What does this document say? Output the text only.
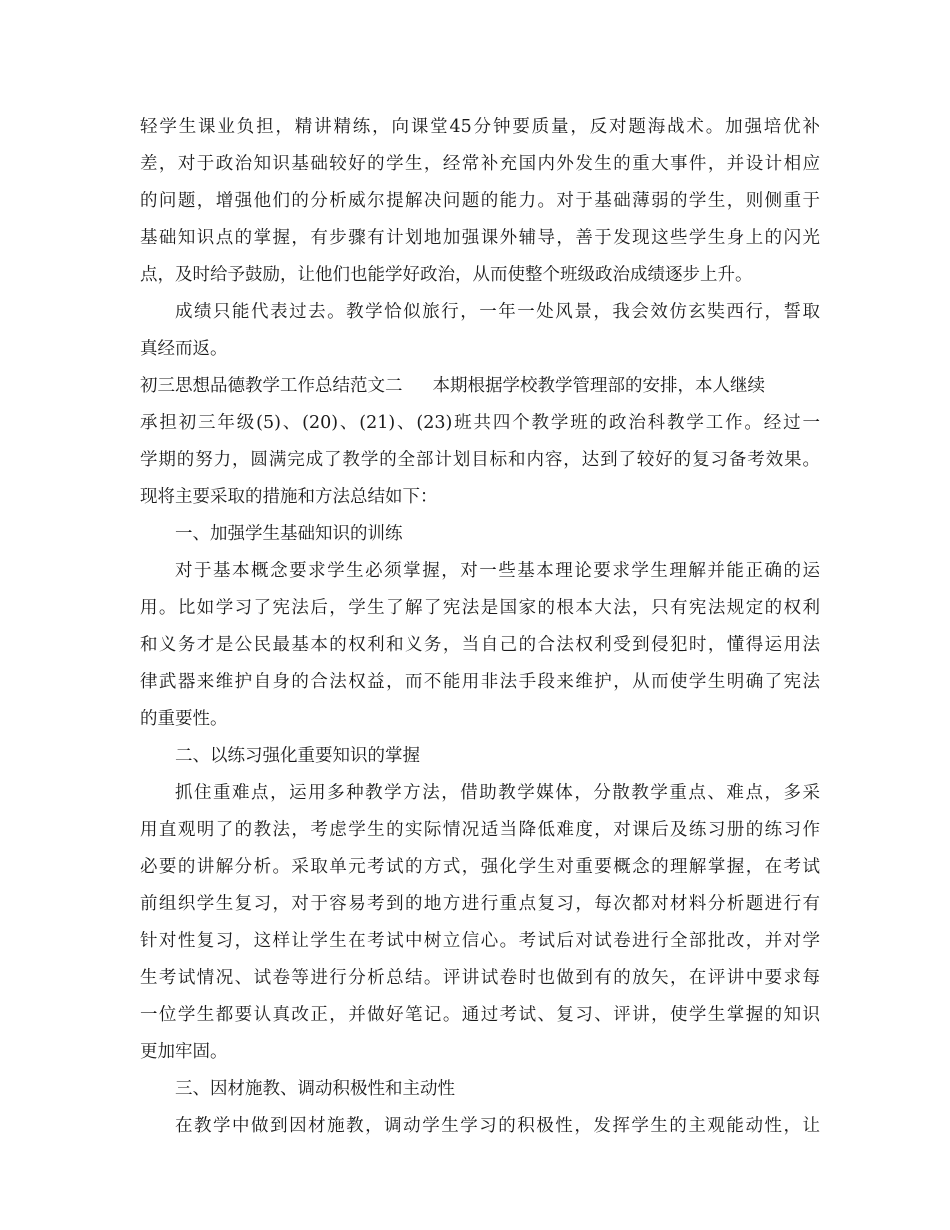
轻学生课业负担，精讲精练，向课堂45分钟要质量，反对题海战术。加强培优补
差，对于政治知识基础较好的学生，经常补充国内外发生的重大事件，并设计相应
的问题，增强他们的分析威尔提解决问题的能力。对于基础薄弱的学生，则侧重于
基础知识点的掌握，有步骤有计划地加强课外辅导，善于发现这些学生身上的闪光
点，及时给予鼓励，让他们也能学好政治，从而使整个班级政治成绩逐步上升。
成绩只能代表过去。教学恰似旅行，一年一处风景，我会效仿玄奘西行，誓取
真经而返。
初三思想品德教学工作总结范文二 本期根据学校教学管理部的安排，本人继续
承担初三年级(5)、(20)、(21)、(23)班共四个教学班的政治科教学工作。经过一
学期的努力，圆满完成了教学的全部计划目标和内容，达到了较好的复习备考效果。
现将主要采取的措施和方法总结如下：
一、加强学生基础知识的训练
对于基本概念要求学生必须掌握，对一些基本理论要求学生理解并能正确的运
用。比如学习了宪法后，学生了解了宪法是国家的根本大法，只有宪法规定的权利
和义务才是公民最基本的权利和义务，当自己的合法权利受到侵犯时，懂得运用法
律武器来维护自身的合法权益，而不能用非法手段来维护，从而使学生明确了宪法
的重要性。
二、以练习强化重要知识的掌握
抓住重难点，运用多种教学方法，借助教学媒体，分散教学重点、难点，多采
用直观明了的教法，考虑学生的实际情况适当降低难度，对课后及练习册的练习作
必要的讲解分析。采取单元考试的方式，强化学生对重要概念的理解掌握，在考试
前组织学生复习，对于容易考到的地方进行重点复习，每次都对材料分析题进行有
针对性复习，这样让学生在考试中树立信心。考试后对试卷进行全部批改，并对学
生考试情况、试卷等进行分析总结。评讲试卷时也做到有的放矢，在评讲中要求每
一位学生都要认真改正，并做好笔记。通过考试、复习、评讲，使学生掌握的知识
更加牢固。
三、因材施教、调动积极性和主动性
在教学中做到因材施教，调动学生学习的积极性，发挥学生的主观能动性，让
